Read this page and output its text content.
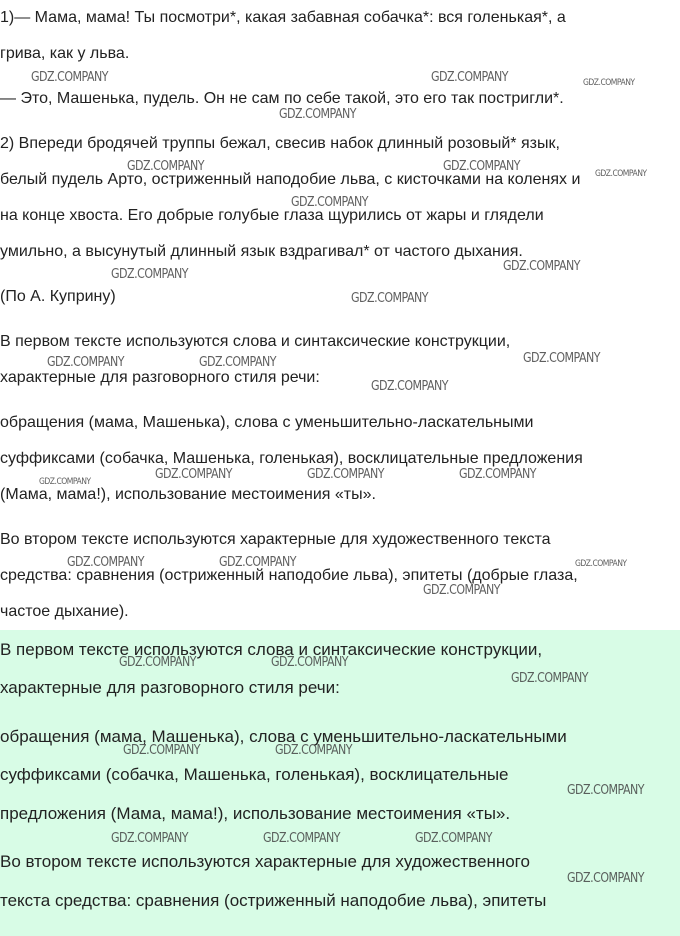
1)— Мама, мама! Ты посмотри*, какая забавная собачка*: вся голенькая*, а
грива, как у льва.
— Это, Машенька, пудель. Он не сам по себе такой, это его так постригли*.
2) Впереди бродячей труппы бежал, свесив набок длинный розовый* язык,
белый пудель Арто, остриженный наподобие льва, с кисточками на коленях и
на конце хвоста. Его добрые голубые глаза щурились от жары и глядели
умильно, а высунутый длинный язык вздрагивал* от частого дыхания.
(По А. Куприну)
В первом тексте используются слова и синтаксические конструкции,
характерные для разговорного стиля речи:
обращения (мама, Машенька), слова с уменьшительно-ласкательными
суффиксами (собачка, Машенька, голенькая), восклицательные предложения
(Мама, мама!), использование местоимения «ты».
Во втором тексте используются характерные для художественного текста
средства: сравнения (остриженный наподобие льва), эпитеты (добрые глаза,
частое дыхание).
В первом тексте используются слова и синтаксические конструкции,
характерные для разговорного стиля речи:
обращения (мама, Машенька), слова с уменьшительно-ласкательными
суффиксами (собачка, Машенька, голенькая), восклицательные
предложения (Мама, мама!), использование местоимения «ты».
Во втором тексте используются характерные для художественного
текста средства: сравнения (остриженный наподобие льва), эпитеты
GDZ.COMPANY	GDZ.COMPANY	GDZ.COMPANY
GDZ.COMPANY
GDZ.COMPANY	GDZ.COMPANY	GDZ.COMPANY
GDZ.COMPANY
GDZ.COMPANY
GDZ.COMPANY
GDZ.COMPANY
GDZ.COMPANY
GDZ.COMPANY	GDZ.COMPANY
GDZ.COMPANY
GDZ.COMPANY	GDZ.COMPANY	GDZ.COMPANY	GDZ.COMPANY
GDZ.COMPANY	GDZ.COMPANY	GDZ.COMPANY
GDZ.COMPANY
GDZ.COMPANY	GDZ.COMPANY
GDZ.COMPANY
GDZ.COMPANY	GDZ.COMPANY
GDZ.COMPANY
GDZ.COMPANY	GDZ.COMPANY	GDZ.COMPANY
GDZ.COMPANY
